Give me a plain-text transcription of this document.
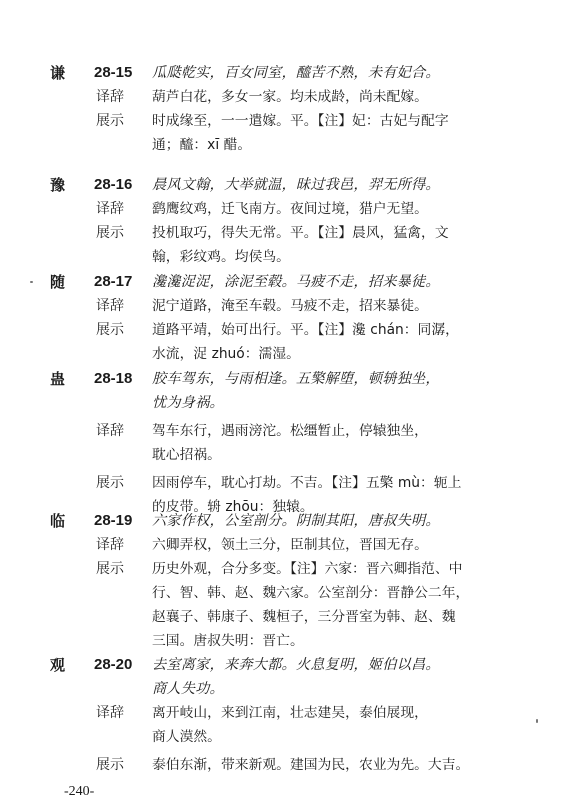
谦 28-15 瓜瓞乾实，百女同室，醯苦不熟，未有妃合。
译辞 葫芦白花，多女一家。均未成龄，尚未配嫁。
展示 时成缘至，一一遣嫁。平。【注】妃：古妃与配字
通；醯：xī 醋。
豫 28-16 晨风文翰，大举就温，昧过我邑，羿无所得。
译辞 鹞鹰纹鸡，迁飞南方。夜间过境，猎户无望。
展示 投机取巧，得失无常。平。【注】晨风，猛禽，文
翰，彩纹鸡。均侯鸟。
随 28-17 瀺瀺浞浞，涂泥至毂。马疲不走，招来暴徒。
译辞 泥宁道路，淹至车毂。马疲不走，招来暴徒。
展示 道路平靖，始可出行。平。【注】瀺 chán：同潺，
水流，浞 zhuó：濡湿。
蛊 28-18 胶车驾东，与雨相逢。五檠解堕，顿辀独坐，
忧为身祸。
译辞 驾车东行，遇雨滂沱。松缰暂止，停辕独坐，
耽心招祸。
展示 因雨停车，耽心打劫。不吉。【注】五檠 mù：轭上
的皮带。辀 zhōu：独辕。
临 28-19 六家作权，公室剖分。阴制其阳，唐叔失明。
译辞 六卿弄权，领土三分，臣制其位，晋国无存。
展示 历史外观，合分多变。【注】六家：晋六卿指范、中
行、智、韩、赵、魏六家。公室剖分：晋静公二年，
赵襄子、韩康子、魏桓子，三分晋室为韩、赵、魏
三国。唐叔失明：晋亡。
观 28-20 去室离家，来奔大都。火息复明，姬伯以昌。
商人失功。
译辞 离开岐山，来到江南，壮志建吴，泰伯展现，
商人漠然。
展示 泰伯东渐，带来新观。建国为民，农业为先。大吉。
-240-
